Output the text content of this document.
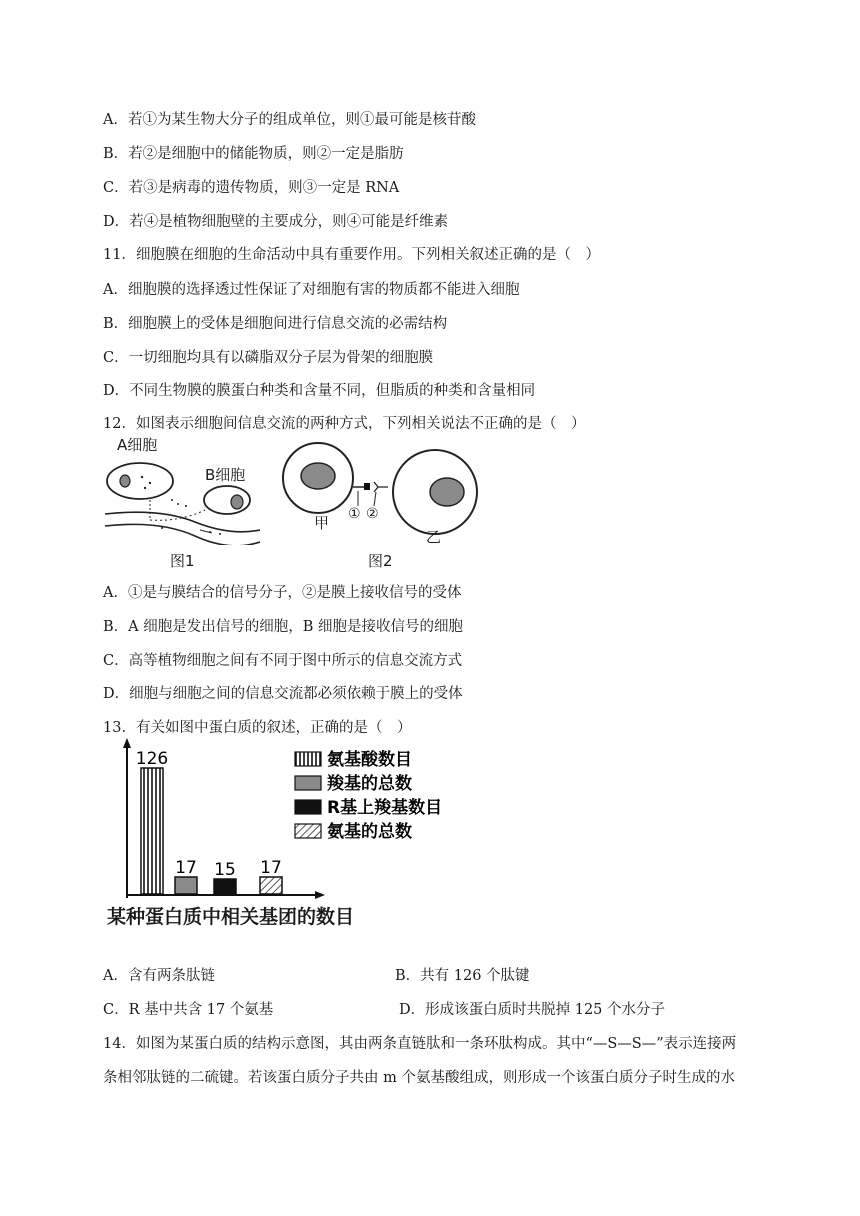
A．若①为某生物大分子的组成单位，则①最可能是核苷酸
B．若②是细胞中的储能物质，则②一定是脂肪
C．若③是病毒的遗传物质，则③一定是 RNA
D．若④是植物细胞壁的主要成分，则④可能是纤维素
11．细胞膜在细胞的生命活动中具有重要作用。下列相关叙述正确的是（　）
A．细胞膜的选择透过性保证了对细胞有害的物质都不能进入细胞
B．细胞膜上的受体是细胞间进行信息交流的必需结构
C．一切细胞均具有以磷脂双分子层为骨架的细胞膜
D．不同生物膜的膜蛋白种类和含量不同，但脂质的种类和含量相同
12．如图表示细胞间信息交流的两种方式，下列相关说法不正确的是（　）
A细胞
B细胞
图1
甲 ① ②
乙
图2
A．①是与膜结合的信号分子，②是膜上接收信号的受体
B．A 细胞是发出信号的细胞，B 细胞是接收信号的细胞
C．高等植物细胞之间有不同于图中所示的信息交流方式
D．细胞与细胞之间的信息交流都必须依赖于膜上的受体
13．有关如图中蛋白质的叙述，正确的是（　）
126
17 15 17
氨基酸数目
羧基的总数
R基上羧基数目
氨基的总数
某种蛋白质中相关基团的数目
A．含有两条肽链	B．共有 126 个肽键
C．R 基中共含 17 个氨基	D．形成该蛋白质时共脱掉 125 个水分子
14．如图为某蛋白质的结构示意图，其由两条直链肽和一条环肽构成。其中“—S—S—”表示连接两
条相邻肽链的二硫键。若该蛋白质分子共由 m 个氨基酸组成，则形成一个该蛋白质分子时生成的水
